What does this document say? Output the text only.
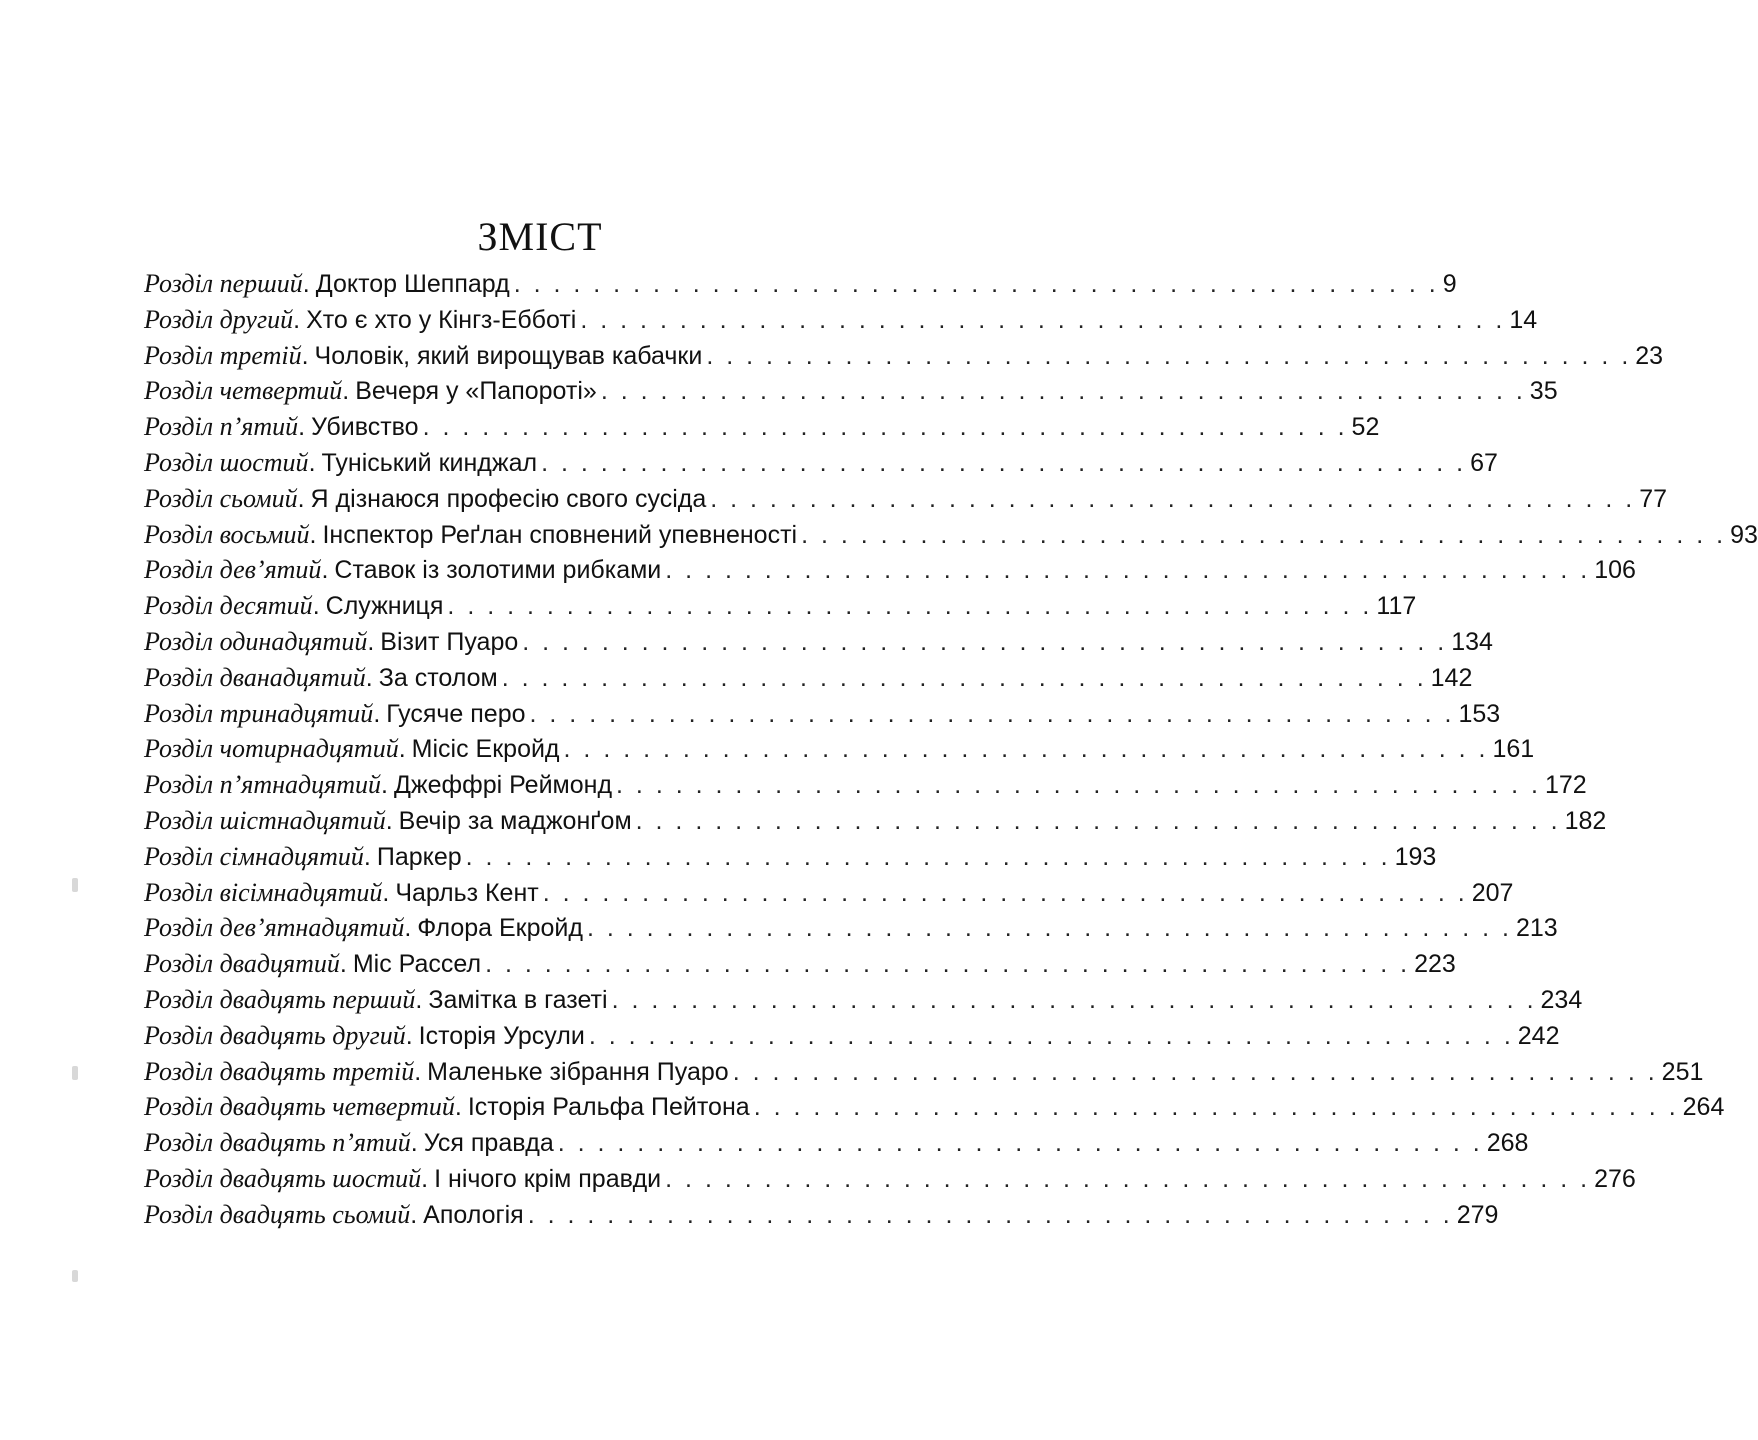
ЗМІСТ
Розділ перший . Доктор Шеппард . . . . . . . . . . . . . . . . . . . . . . . . . . . . . . . . . . . . . . . . . . . . . . . 9
Розділ другий . Хто є хто у Кінгз-Ебботі . . . . . . . . . . . . . . . . . . . . . . . . . . . . . . . . . . . . . . . . . . . . . . . 14
Розділ третій . Чоловік, який вирощував кабачки . . . . . . . . . . . . . . . . . . . . . . . . . . . . . . . . . . . . . . . . . . . . . . . 23
Розділ четвертий . Вечеря у «Папороті» . . . . . . . . . . . . . . . . . . . . . . . . . . . . . . . . . . . . . . . . . . . . . . . 35
Розділ п’ятий . Убивство . . . . . . . . . . . . . . . . . . . . . . . . . . . . . . . . . . . . . . . . . . . . . . . 52
Розділ шостий . Туніський кинджал . . . . . . . . . . . . . . . . . . . . . . . . . . . . . . . . . . . . . . . . . . . . . . . 67
Розділ сьомий . Я дізнаюся професію свого сусіда . . . . . . . . . . . . . . . . . . . . . . . . . . . . . . . . . . . . . . . . . . . . . . . 77
Розділ восьмий . Інспектор Реґлан сповнений упевненості . . . . . . . . . . . . . . . . . . . . . . . . . . . . . . . . . . . . . . . . . . . . . . . 93
Розділ дев’ятий . Ставок із золотими рибками . . . . . . . . . . . . . . . . . . . . . . . . . . . . . . . . . . . . . . . . . . . . . . . 106
Розділ десятий . Служниця . . . . . . . . . . . . . . . . . . . . . . . . . . . . . . . . . . . . . . . . . . . . . . . 117
Розділ одинадцятий . Візит Пуаро . . . . . . . . . . . . . . . . . . . . . . . . . . . . . . . . . . . . . . . . . . . . . . . 134
Розділ дванадцятий . За столом . . . . . . . . . . . . . . . . . . . . . . . . . . . . . . . . . . . . . . . . . . . . . . . 142
Розділ тринадцятий . Гусяче перо . . . . . . . . . . . . . . . . . . . . . . . . . . . . . . . . . . . . . . . . . . . . . . . 153
Розділ чотирнадцятий . Місіс Екройд . . . . . . . . . . . . . . . . . . . . . . . . . . . . . . . . . . . . . . . . . . . . . . . 161
Розділ п’ятнадцятий . Джеффрі Реймонд . . . . . . . . . . . . . . . . . . . . . . . . . . . . . . . . . . . . . . . . . . . . . . . 172
Розділ шістнадцятий . Вечір за маджонґом . . . . . . . . . . . . . . . . . . . . . . . . . . . . . . . . . . . . . . . . . . . . . . . 182
Розділ сімнадцятий . Паркер . . . . . . . . . . . . . . . . . . . . . . . . . . . . . . . . . . . . . . . . . . . . . . . 193
Розділ вісімнадцятий . Чарльз Кент . . . . . . . . . . . . . . . . . . . . . . . . . . . . . . . . . . . . . . . . . . . . . . . 207
Розділ дев’ятнадцятий . Флора Екройд . . . . . . . . . . . . . . . . . . . . . . . . . . . . . . . . . . . . . . . . . . . . . . . 213
Розділ двадцятий . Міс Рассел . . . . . . . . . . . . . . . . . . . . . . . . . . . . . . . . . . . . . . . . . . . . . . . 223
Розділ двадцять перший . Замітка в газеті . . . . . . . . . . . . . . . . . . . . . . . . . . . . . . . . . . . . . . . . . . . . . . . 234
Розділ двадцять другий . Історія Урсули . . . . . . . . . . . . . . . . . . . . . . . . . . . . . . . . . . . . . . . . . . . . . . . 242
Розділ двадцять третій . Маленьке зібрання Пуаро . . . . . . . . . . . . . . . . . . . . . . . . . . . . . . . . . . . . . . . . . . . . . . . 251
Розділ двадцять четвертий . Історія Ральфа Пейтона . . . . . . . . . . . . . . . . . . . . . . . . . . . . . . . . . . . . . . . . . . . . . . . 264
Розділ двадцять п’ятий . Уся правда . . . . . . . . . . . . . . . . . . . . . . . . . . . . . . . . . . . . . . . . . . . . . . . 268
Розділ двадцять шостий . І нічого крім правди . . . . . . . . . . . . . . . . . . . . . . . . . . . . . . . . . . . . . . . . . . . . . . . 276
Розділ двадцять сьомий . Апологія . . . . . . . . . . . . . . . . . . . . . . . . . . . . . . . . . . . . . . . . . . . . . . . 279
